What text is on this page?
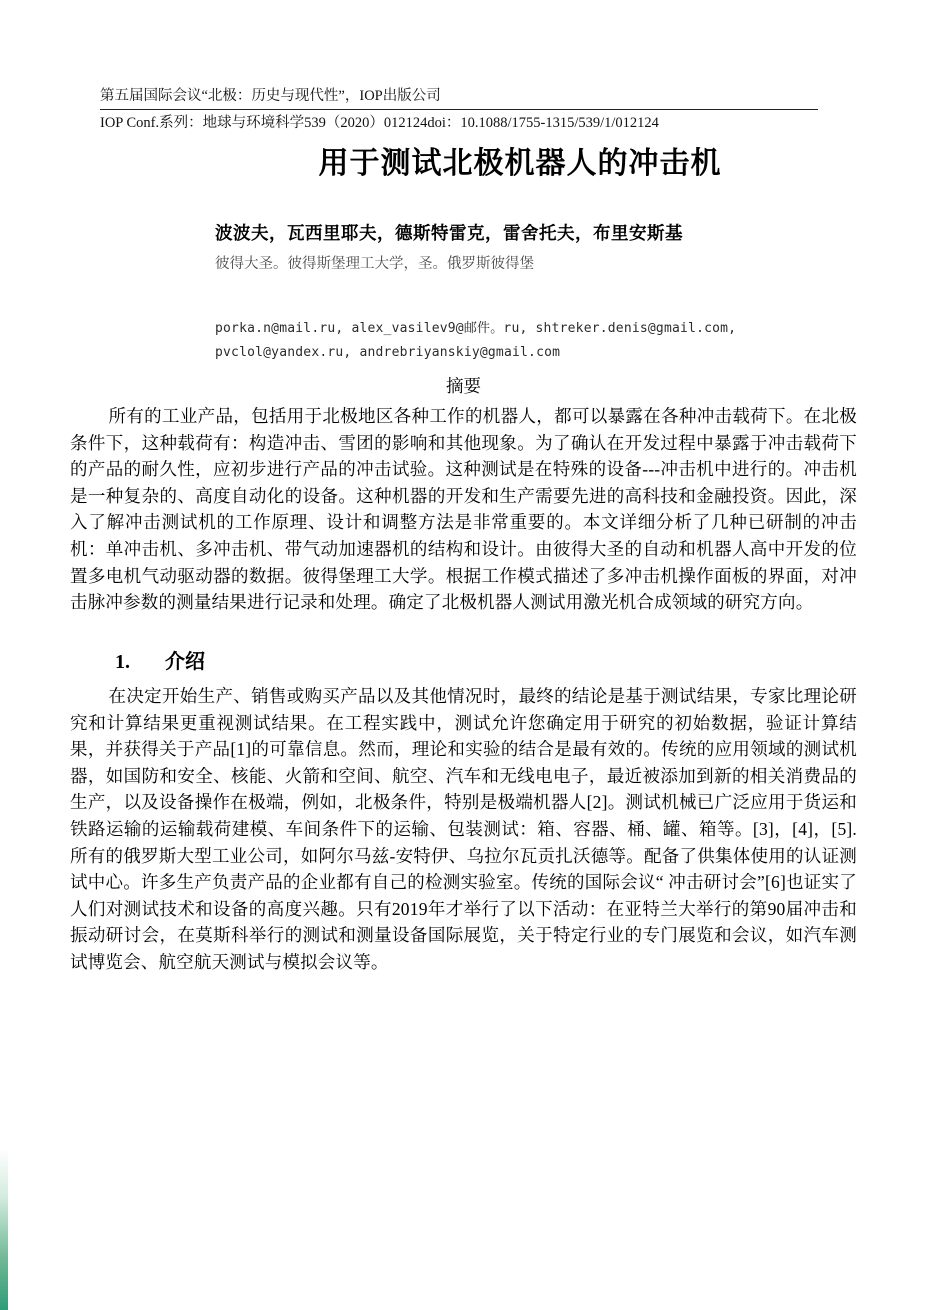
第五届国际会议“北极：历史与现代性”，IOP出版公司
IOP Conf.系列：地球与环境科学539（2020）012124doi：10.1088/1755-1315/539/1/012124
用于测试北极机器人的冲击机
波波夫，瓦西里耶夫，德斯特雷克，雷舍托夫，布里安斯基
彼得大圣。彼得斯堡理工大学，圣。俄罗斯彼得堡
porka.n@mail.ru, alex_vasilev9@邮件。ru, shtreker.denis@gmail.com,
pvclol@yandex.ru, andrebriyanskiy@gmail.com
摘要

所有的工业产品，包括用于北极地区各种工作的机器人，都可以暴露在各种冲击载荷下。在北极条件下，这种载荷有：构造冲击、雪团的影响和其他现象。为了确认在开发过程中暴露于冲击载荷下的产品的耐久性，应初步进行产品的冲击试验。这种测试是在特殊的设备---冲击机中进行的。冲击机是一种复杂的、高度自动化的设备。这种机器的开发和生产需要先进的高科技和金融投资。因此，深入了解冲击测试机的工作原理、设计和调整方法是非常重要的。本文详细分析了几种已研制的冲击机：单冲击机、多冲击机、带气动加速器机的结构和设计。由彼得大圣的自动和机器人高中开发的位置多电机气动驱动器的数据。彼得堡理工大学。根据工作模式描述了多冲击机操作面板的界面，对冲击脉冲参数的测量结果进行记录和处理。确定了北极机器人测试用激光机合成领域的研究方向。

1. 介绍

在决定开始生产、销售或购买产品以及其他情况时，最终的结论是基于测试结果，专家比理论研究和计算结果更重视测试结果。在工程实践中，测试允许您确定用于研究的初始数据，验证计算结果，并获得关于产品[1]的可靠信息。然而，理论和实验的结合是最有效的。传统的应用领域的测试机器，如国防和安全、核能、火箭和空间、航空、汽车和无线电电子，最近被添加到新的相关消费品的生产，以及设备操作在极端，例如，北极条件，特别是极端机器人[2]。测试机械已广泛应用于货运和铁路运输的运输载荷建模、车间条件下的运输、包装测试：箱、容器、桶、罐、箱等。[3]，[4]，[5]. 所有的俄罗斯大型工业公司，如阿尔马兹-安特伊、乌拉尔瓦贡扎沃德等。配备了供集体使用的认证测试中心。许多生产负责产品的企业都有自己的检测实验室。传统的国际会议“ 冲击研讨会”[6]也证实了人们对测试技术和设备的高度兴趣。只有2019年才举行了以下活动：在亚特兰大举行的第90届冲击和振动研讨会，在莫斯科举行的测试和测量设备国际展览，关于特定行业的专门展览和会议，如汽车测试博览会、航空航天测试与模拟会议等。
